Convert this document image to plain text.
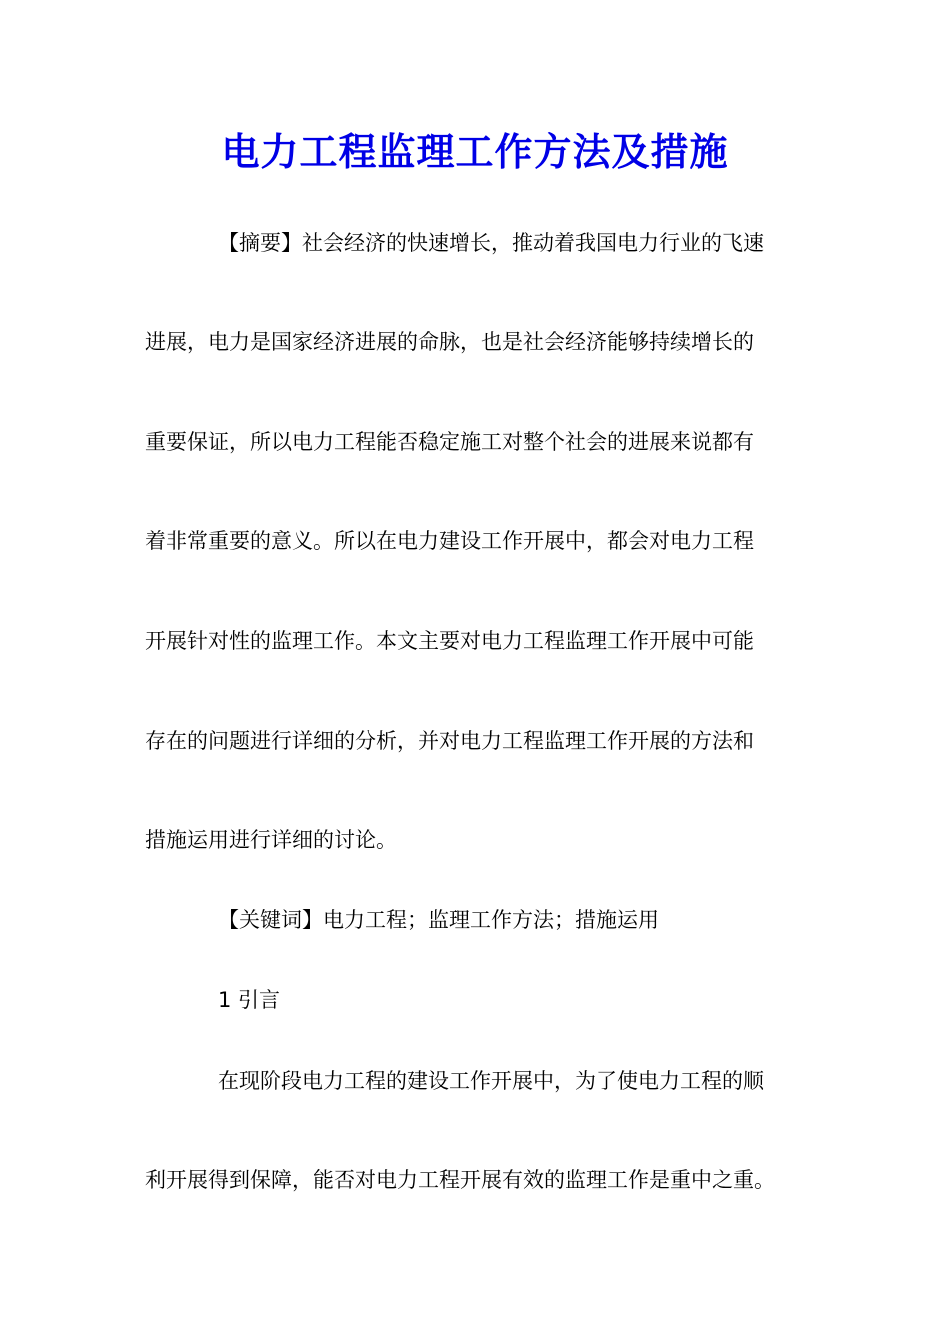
电力工程监理工作方法及措施
【摘要】社会经济的快速增长，推动着我国电力行业的飞速
进展，电力是国家经济进展的命脉，也是社会经济能够持续增长的
重要保证，所以电力工程能否稳定施工对整个社会的进展来说都有
着非常重要的意义。所以在电力建设工作开展中，都会对电力工程
开展针对性的监理工作。本文主要对电力工程监理工作开展中可能
存在的问题进行详细的分析，并对电力工程监理工作开展的方法和
措施运用进行详细的讨论。
【关键词】电力工程；监理工作方法；措施运用
1 引言
在现阶段电力工程的建设工作开展中，为了使电力工程的顺
利开展得到保障，能否对电力工程开展有效的监理工作是重中之重。
